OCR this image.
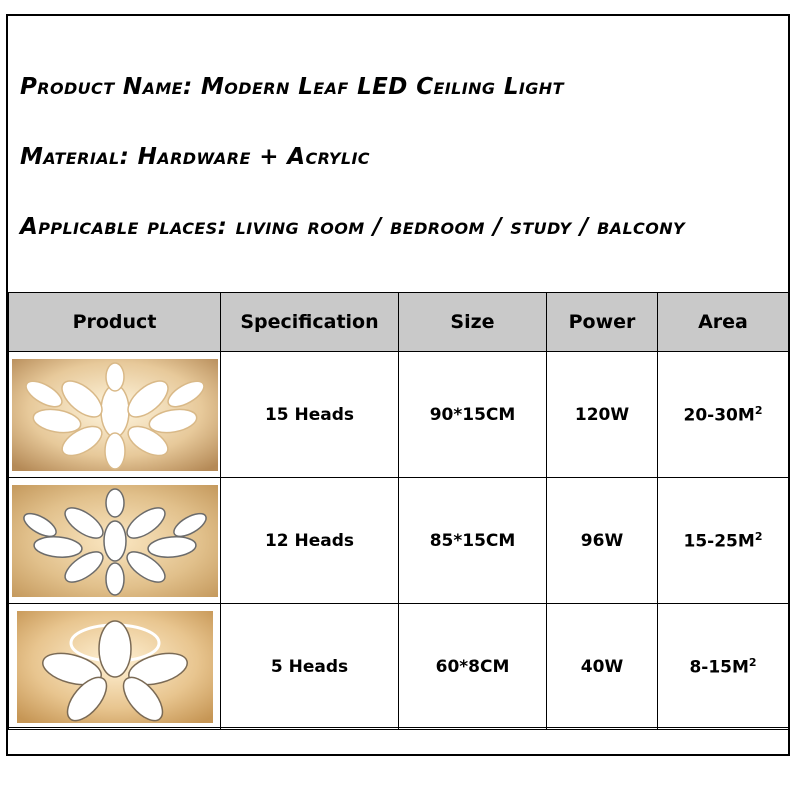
Product Name: Modern Leaf LED Ceiling Light
Material: Hardware + Acrylic
Applicable places: living room / bedroom / study / balcony
Product	Specification	Size	Power	Area

	15 Heads	90*15CM	120W	$20-30M^2$

	12 Heads	85*15CM	96W	$15-25M^2$

	5 Heads	60*8CM	40W	$8-15M^2$
